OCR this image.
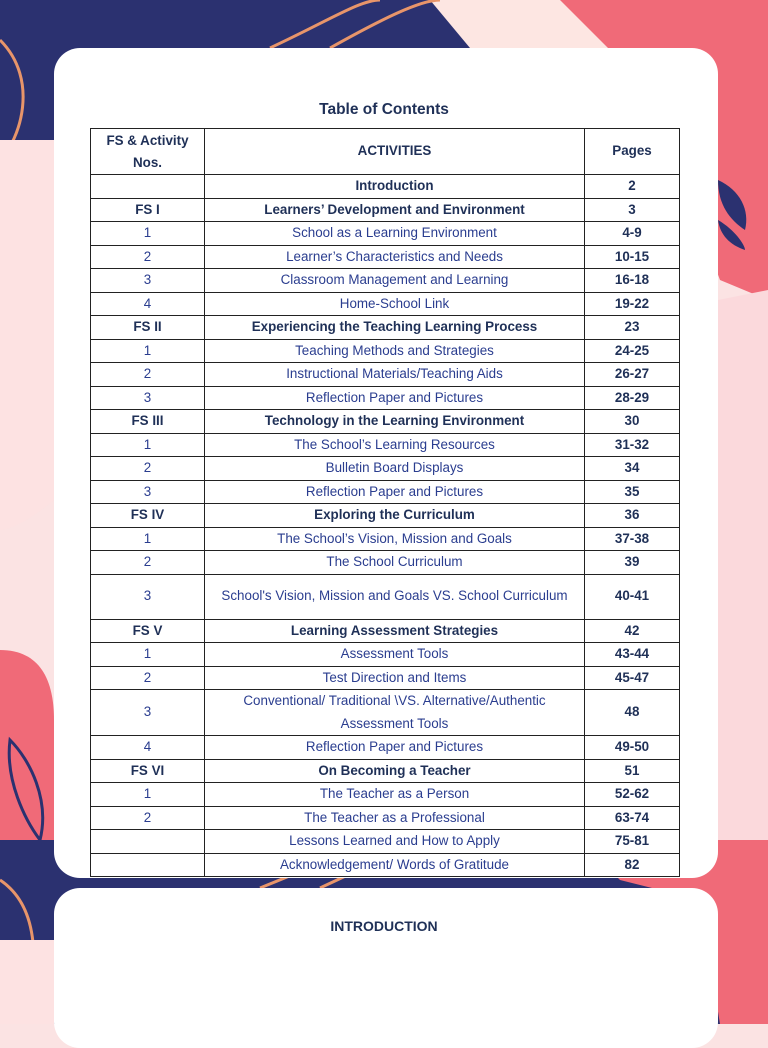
Table of Contents
FS & Activity Nos.	ACTIVITIES	Pages
	Introduction	2
FS I	Learners’ Development and Environment	3
1	School as a Learning Environment	4-9
2	Learner’s Characteristics and Needs	10-15
3	Classroom Management and Learning	16-18
4	Home-School Link	19-22
FS II	Experiencing the Teaching Learning Process	23
1	Teaching Methods and Strategies	24-25
2	Instructional Materials/Teaching Aids	26-27
3	Reflection Paper and Pictures	28-29
FS III	Technology in the Learning Environment	30
1	The School’s Learning Resources	31-32
2	Bulletin Board Displays	34
3	Reflection Paper and Pictures	35
FS IV	Exploring the Curriculum	36
1	The School’s Vision, Mission and Goals	37-38
2	The School Curriculum	39
3	School's Vision, Mission and Goals VS. School Curriculum	40-41
FS V	Learning Assessment Strategies	42
1	Assessment Tools	43-44
2	Test Direction and Items	45-47
3	Conventional/ Traditional \VS. Alternative/Authentic Assessment Tools	48
4	Reflection Paper and Pictures	49-50
FS VI	On Becoming a Teacher	51
1	The Teacher as a Person	52-62
2	The Teacher as a Professional	63-74
	Lessons Learned and How to Apply	75-81
	Acknowledgement/ Words of Gratitude	82
INTRODUCTION
